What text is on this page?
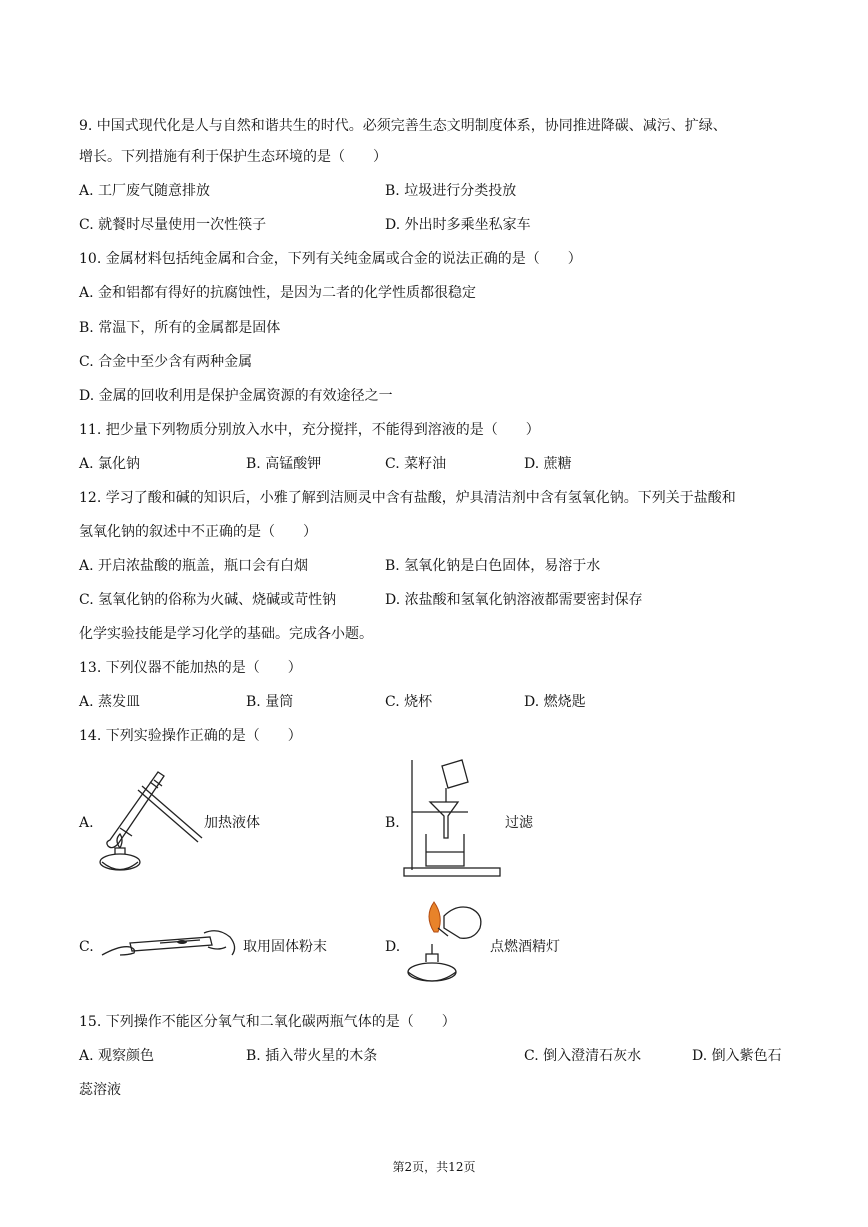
9. 中国式现代化是人与自然和谐共生的时代。必须完善生态文明制度体系，协同推进降碳、减污、扩绿、
增长。下列措施有利于保护生态环境的是（　　）
A. 工厂废气随意排放	B. 垃圾进行分类投放
C. 就餐时尽量使用一次性筷子	D. 外出时多乘坐私家车
10. 金属材料包括纯金属和合金，下列有关纯金属或合金的说法正确的是（　　）
A. 金和铝都有得好的抗腐蚀性，是因为二者的化学性质都很稳定
B. 常温下，所有的金属都是固体
C. 合金中至少含有两种金属
D. 金属的回收利用是保护金属资源的有效途径之一
11. 把少量下列物质分别放入水中，充分搅拌，不能得到溶液的是（　　）
A. 氯化钠	B. 高锰酸钾	C. 菜籽油	D. 蔗糖
12. 学习了酸和碱的知识后，小雅了解到洁厕灵中含有盐酸，炉具清洁剂中含有氢氧化钠。下列关于盐酸和
氢氧化钠的叙述中不正确的是（　　）
A. 开启浓盐酸的瓶盖，瓶口会有白烟	B. 氢氧化钠是白色固体，易溶于水
C. 氢氧化钠的俗称为火碱、烧碱或苛性钠	D. 浓盐酸和氢氧化钠溶液都需要密封保存
化学实验技能是学习化学的基础。完成各小题。
13. 下列仪器不能加热的是（　　）
A. 蒸发皿	B. 量筒	C. 烧杯	D. 燃烧匙
14. 下列实验操作正确的是（　　）
A.	加热液体	B.	过滤
C.	取用固体粉末	D.	点燃酒精灯
15. 下列操作不能区分氧气和二氧化碳两瓶气体的是（　　）
A. 观察颜色	B. 插入带火星的木条	C. 倒入澄清石灰水	D. 倒入紫色石
蕊溶液
第2页，共12页
